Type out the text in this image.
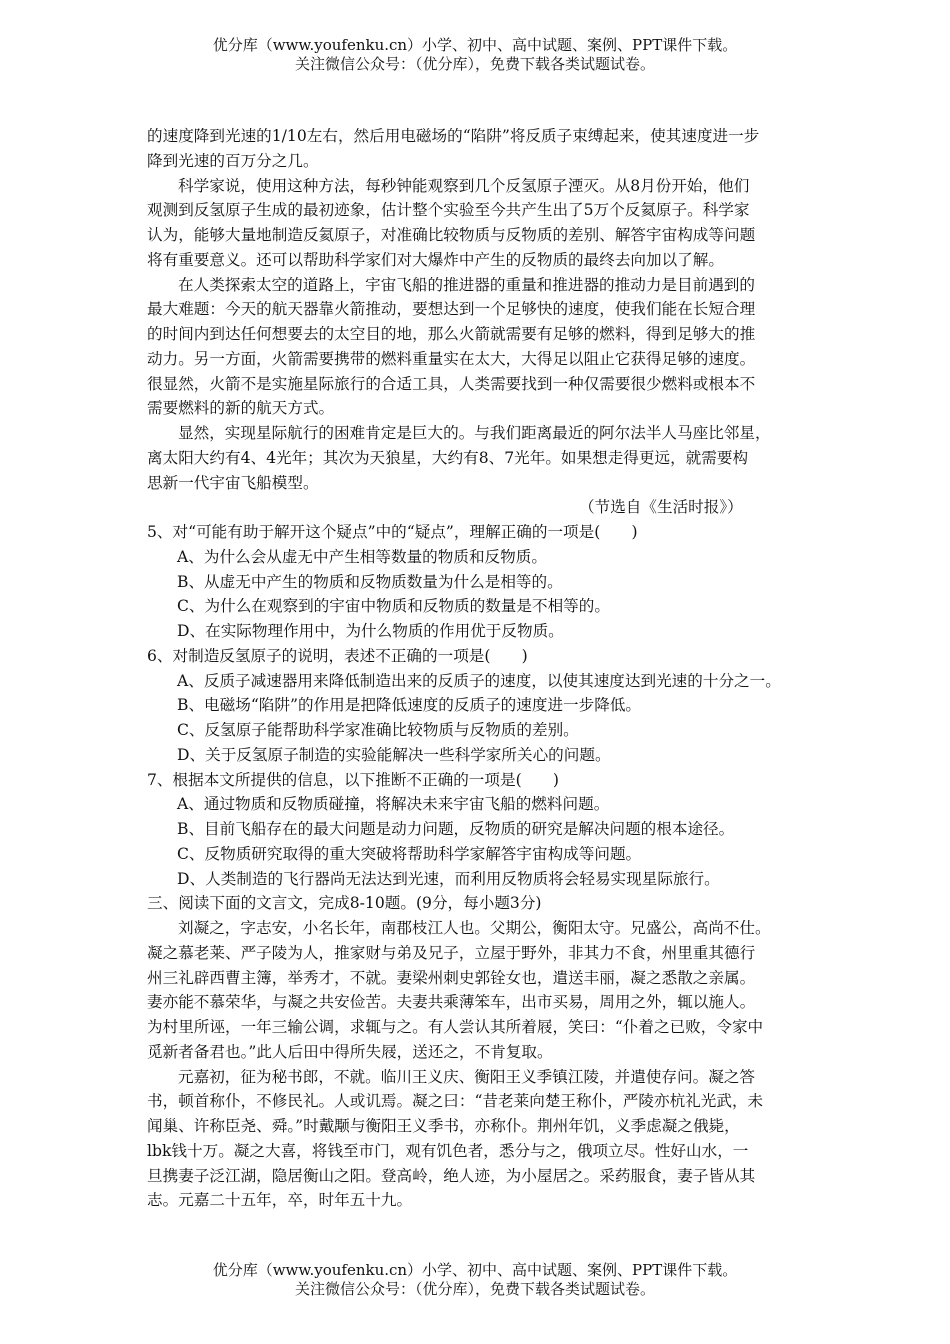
优分库（www.youfenku.cn）小学、初中、高中试题、案例、PPT课件下载。
关注微信公众号：（优分库），免费下载各类试题试卷。
的速度降到光速的1/10左右，然后用电磁场的“陷阱”将反质子束缚起来，使其速度进一步
降到光速的百万分之几。
科学家说，使用这种方法，每秒钟能观察到几个反氢原子湮灭。从8月份开始，他们
观测到反氢原子生成的最初迹象，估计整个实验至今共产生出了5万个反氦原子。科学家
认为，能够大量地制造反氦原子，对准确比较物质与反物质的差别、解答宇宙构成等问题
将有重要意义。还可以帮助科学家们对大爆炸中产生的反物质的最终去向加以了解。
在人类探索太空的道路上，宇宙飞船的推进器的重量和推进器的推动力是目前遇到的
最大难题：今天的航天器靠火箭推动，要想达到一个足够快的速度，使我们能在长短合理
的时间内到达任何想要去的太空目的地，那么火箭就需要有足够的燃料，得到足够大的推
动力。另一方面，火箭需要携带的燃料重量实在太大，大得足以阻止它获得足够的速度。
很显然，火箭不是实施星际旅行的合适工具，人类需要找到一种仅需要很少燃料或根本不
需要燃料的新的航天方式。
显然，实现星际航行的困难肯定是巨大的。与我们距离最近的阿尔法半人马座比邻星，
离太阳大约有4、4光年；其次为天狼星，大约有8、7光年。如果想走得更远，就需要构
思新一代宇宙飞船模型。
（节选自《生活时报》）
5、对“可能有助于解开这个疑点”中的“疑点”，理解正确的一项是(　　)
A、为什么会从虚无中产生相等数量的物质和反物质。
B、从虚无中产生的物质和反物质数量为什么是相等的。
C、为什么在观察到的宇宙中物质和反物质的数量是不相等的。
D、在实际物理作用中，为什么物质的作用优于反物质。
6、对制造反氢原子的说明，表述不正确的一项是(　　)
A、反质子减速器用来降低制造出来的反质子的速度，以使其速度达到光速的十分之一。
B、电磁场“陷阱”的作用是把降低速度的反质子的速度进一步降低。
C、反氢原子能帮助科学家准确比较物质与反物质的差别。
D、关于反氢原子制造的实验能解决一些科学家所关心的问题。
7、根据本文所提供的信息，以下推断不正确的一项是(　　)
A、通过物质和反物质碰撞，将解决未来宇宙飞船的燃料问题。
B、目前飞船存在的最大问题是动力问题，反物质的研究是解决问题的根本途径。
C、反物质研究取得的重大突破将帮助科学家解答宇宙构成等问题。
D、人类制造的飞行器尚无法达到光速，而利用反物质将会轻易实现星际旅行。
三、阅读下面的文言文，完成8-10题。(9分，每小题3分)
刘凝之，字志安，小名长年，南郡枝江人也。父期公，衡阳太守。兄盛公，高尚不仕。
凝之慕老莱、严子陵为人，推家财与弟及兄子，立屋于野外，非其力不食，州里重其德行
州三礼辟西曹主簿，举秀才，不就。妻梁州刺史郭铨女也，遣送丰丽，凝之悉散之亲属。
妻亦能不慕荣华，与凝之共安俭苦。夫妻共乘薄笨车，出市买易，周用之外，辄以施人。
为村里所诬，一年三输公调，求辄与之。有人尝认其所着屐，笑曰：“仆着之已败，令家中
觅新者备君也。”此人后田中得所失屐，送还之，不肯复取。
元嘉初，征为秘书郎，不就。临川王义庆、衡阳王义季镇江陵，并遣使存问。凝之答
书，顿首称仆，不修民礼。人或讥焉。凝之曰：“昔老莱向楚王称仆，严陵亦杭礼光武，未
闻巢、许称臣尧、舜。”时戴颙与衡阳王义季书，亦称仆。荆州年饥，义季虑凝之俄毙，
lbk钱十万。凝之大喜，将钱至市门，观有饥色者，悉分与之，俄项立尽。性好山水，一
旦携妻子泛江湖，隐居衡山之阳。登高岭，绝人迹，为小屋居之。采药服食，妻子皆从其
志。元嘉二十五年，卒，时年五十九。
优分库（www.youfenku.cn）小学、初中、高中试题、案例、PPT课件下载。
关注微信公众号：（优分库），免费下载各类试题试卷。
